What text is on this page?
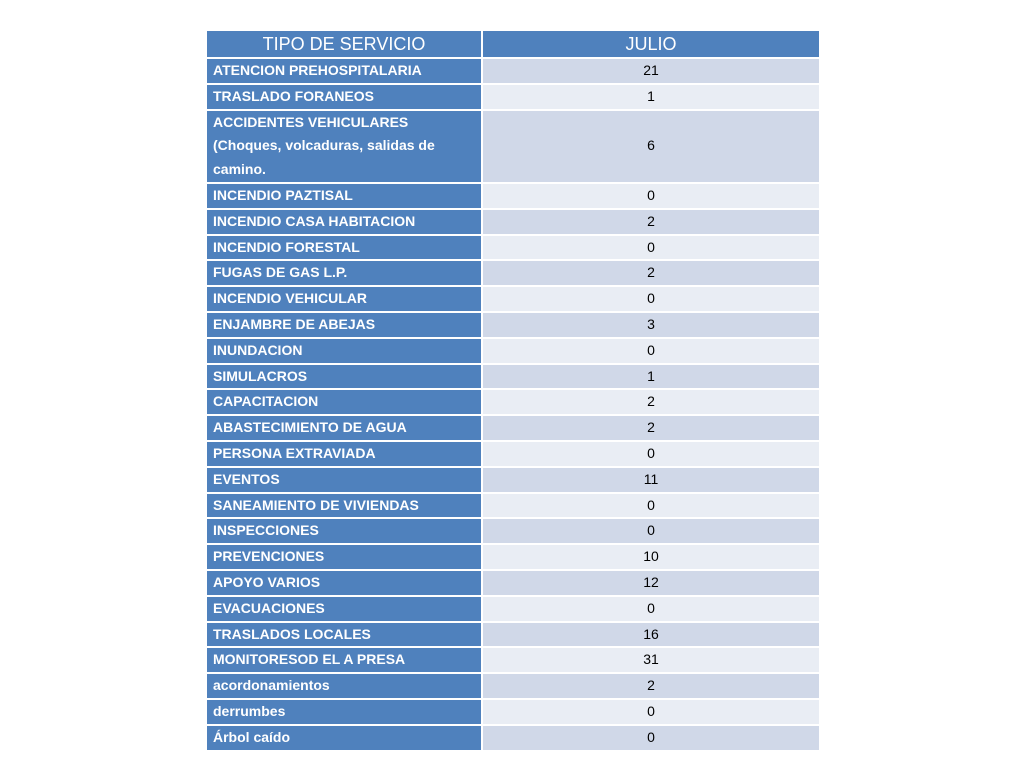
TIPO DE SERVICIO	JULIO
ATENCION PREHOSPITALARIA	21
TRASLADO FORANEOS	1
ACCIDENTES VEHICULARES (Choques, volcaduras, salidas de camino.	6
INCENDIO PAZTISAL	0
INCENDIO CASA HABITACION	2
INCENDIO FORESTAL	0
FUGAS DE GAS L.P.	2
INCENDIO VEHICULAR	0
ENJAMBRE DE ABEJAS	3
INUNDACION	0
SIMULACROS	1
CAPACITACION	2
ABASTECIMIENTO DE AGUA	2
PERSONA EXTRAVIADA	0
EVENTOS	11
SANEAMIENTO DE VIVIENDAS	0
INSPECCIONES	0
PREVENCIONES	10
APOYO VARIOS	12
EVACUACIONES	0
TRASLADOS LOCALES	16
MONITORESOD EL A PRESA	31
acordonamientos	2
derrumbes	0
Árbol caído	0
